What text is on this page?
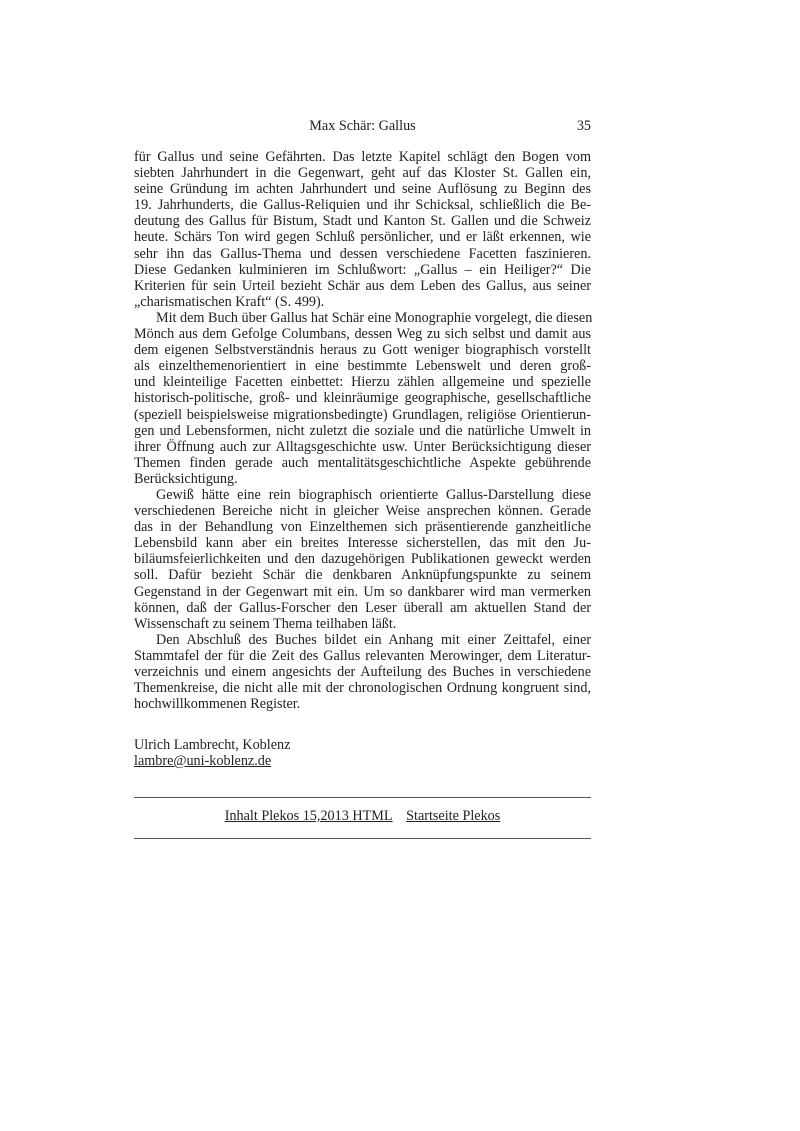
Max Schär: Gallus	35
für Gallus und seine Gefährten. Das letzte Kapitel schlägt den Bogen vom
siebten Jahrhundert in die Gegenwart, geht auf das Kloster St. Gallen ein,
seine Gründung im achten Jahrhundert und seine Auflösung zu Beginn des
19. Jahrhunderts, die Gallus-Reliquien und ihr Schicksal, schließlich die Be-
deutung des Gallus für Bistum, Stadt und Kanton St. Gallen und die Schweiz
heute. Schärs Ton wird gegen Schluß persönlicher, und er läßt erkennen, wie
sehr ihn das Gallus-Thema und dessen verschiedene Facetten faszinieren.
Diese Gedanken kulminieren im Schlußwort: „Gallus – ein Heiliger?“ Die
Kriterien für sein Urteil bezieht Schär aus dem Leben des Gallus, aus seiner
„charismatischen Kraft“ (S. 499).
Mit dem Buch über Gallus hat Schär eine Monographie vorgelegt, die diesen
Mönch aus dem Gefolge Columbans, dessen Weg zu sich selbst und damit aus
dem eigenen Selbstverständnis heraus zu Gott weniger biographisch vorstellt
als einzelthemenorientiert in eine bestimmte Lebenswelt und deren groß-
und kleinteilige Facetten einbettet: Hierzu zählen allgemeine und spezielle
historisch-politische, groß- und kleinräumige geographische, gesellschaftliche
(speziell beispielsweise migrationsbedingte) Grundlagen, religiöse Orientierun-
gen und Lebensformen, nicht zuletzt die soziale und die natürliche Umwelt in
ihrer Öffnung auch zur Alltagsgeschichte usw. Unter Berücksichtigung dieser
Themen finden gerade auch mentalitätsgeschichtliche Aspekte gebührende
Berücksichtigung.
Gewiß hätte eine rein biographisch orientierte Gallus-Darstellung diese
verschiedenen Bereiche nicht in gleicher Weise ansprechen können. Gerade
das in der Behandlung von Einzelthemen sich präsentierende ganzheitliche
Lebensbild kann aber ein breites Interesse sicherstellen, das mit den Ju-
biläumsfeierlichkeiten und den dazugehörigen Publikationen geweckt werden
soll. Dafür bezieht Schär die denkbaren Anknüpfungspunkte zu seinem
Gegenstand in der Gegenwart mit ein. Um so dankbarer wird man vermerken
können, daß der Gallus-Forscher den Leser überall am aktuellen Stand der
Wissenschaft zu seinem Thema teilhaben läßt.
Den Abschluß des Buches bildet ein Anhang mit einer Zeittafel, einer
Stammtafel der für die Zeit des Gallus relevanten Merowinger, dem Literatur-
verzeichnis und einem angesichts der Aufteilung des Buches in verschiedene
Themenkreise, die nicht alle mit der chronologischen Ordnung kongruent sind,
hochwillkommenen Register.
Ulrich Lambrecht, Koblenz
lambre@uni-koblenz.de
Inhalt Plekos 15,2013 HTML Startseite Plekos
